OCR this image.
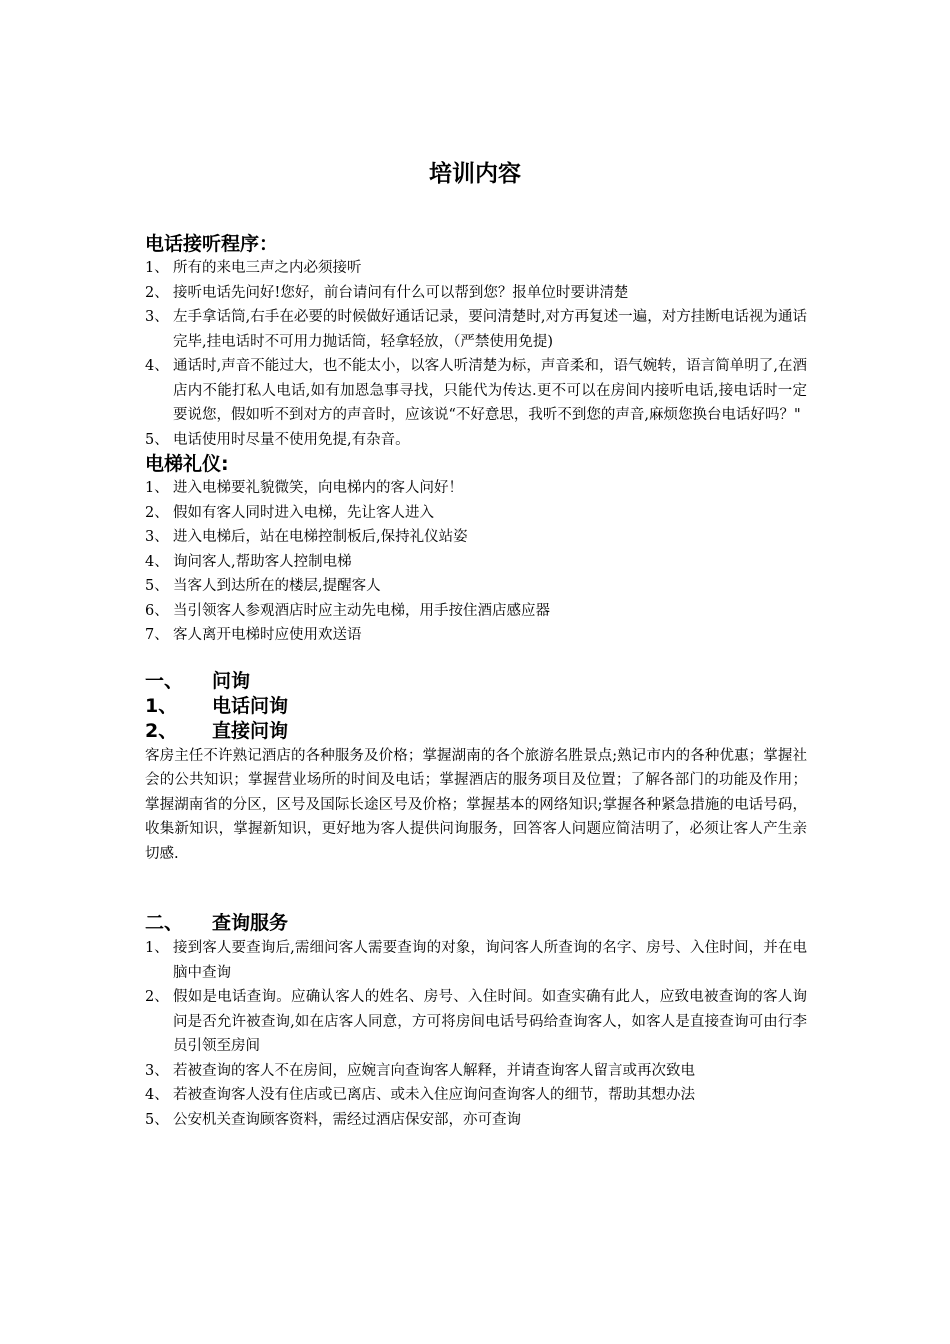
培训内容
电话接听程序：
1、 所有的来电三声之内必须接听
2、 接听电话先问好!您好，前台请问有什么可以帮到您？报单位时要讲清楚
3、 左手拿话筒,右手在必要的时候做好通话记录，要问清楚时,对方再复述一遍，对方挂断电话视为通话完毕,挂电话时不可用力抛话筒，轻拿轻放，（严禁使用免提)
4、 通话时,声音不能过大，也不能太小，以客人听清楚为标，声音柔和，语气婉转，语言简单明了,在酒店内不能打私人电话,如有加恩急事寻找，只能代为传达.更不可以在房间内接听电话,接电话时一定要说您，假如听不到对方的声音时，应该说“不好意思，我听不到您的声音,麻烦您换台电话好吗？"
5、 电话使用时尽量不使用免提,有杂音。
电梯礼仪:
1、 进入电梯要礼貌微笑，向电梯内的客人问好！
2、 假如有客人同时进入电梯，先让客人进入
3、 进入电梯后，站在电梯控制板后,保持礼仪站姿
4、 询问客人,帮助客人控制电梯
5、 当客人到达所在的楼层,提醒客人
6、 当引领客人参观酒店时应主动先电梯，用手按住酒店感应器
7、 客人离开电梯时应使用欢送语
一、	问询
1、	电话问询
2、	直接问询

客房主任不许熟记酒店的各种服务及价格；掌握湖南的各个旅游名胜景点;熟记市内的各种优惠；掌握社会的公共知识；掌握营业场所的时间及电话；掌握酒店的服务项目及位置；了解各部门的功能及作用；掌握湖南省的分区，区号及国际长途区号及价格；掌握基本的网络知识;掌握各种紧急措施的电话号码，收集新知识，掌握新知识，更好地为客人提供问询服务，回答客人问题应简洁明了，必须让客人产生亲切感.

二、	查询服务
1、 接到客人要查询后,需细问客人需要查询的对象，询问客人所查询的名字、房号、入住时间，并在电脑中查询
2、 假如是电话查询。应确认客人的姓名、房号、入住时间。如查实确有此人，应致电被查询的客人询问是否允许被查询,如在店客人同意，方可将房间电话号码给查询客人，如客人是直接查询可由行李员引领至房间
3、 若被查询的客人不在房间，应婉言向查询客人解释，并请查询客人留言或再次致电
4、 若被查询客人没有住店或已离店、或未入住应询问查询客人的细节，帮助其想办法
5、 公安机关查询顾客资料，需经过酒店保安部，亦可查询
